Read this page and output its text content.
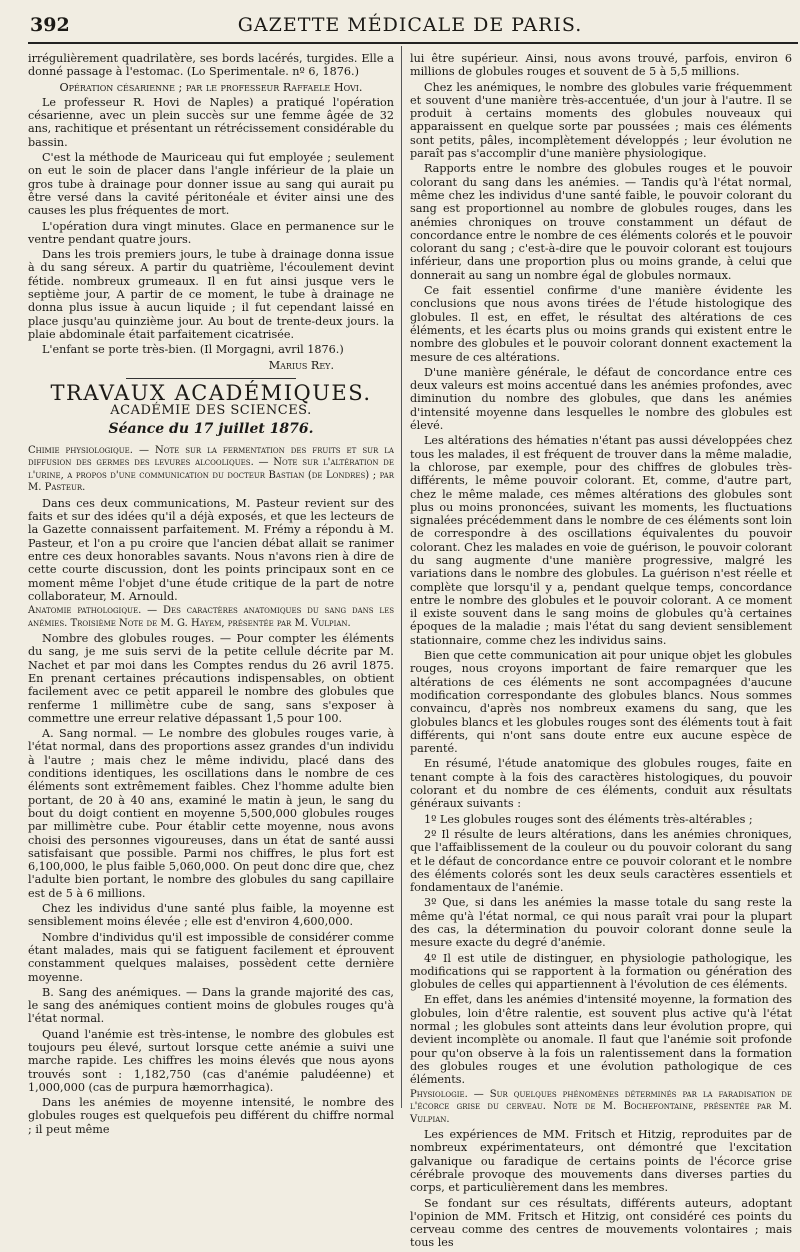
392	GAZETTE MÉDICALE DE PARIS.

irrégulièrement quadrilatère, ses bords lacérés, turgides. Elle a donné passage à l'estomac. (Lo Sperimentale. nº 6, 1876.)

Opération césarienne ; par le professeur Raffaele Hovi.

Le professeur R. Hovi de Naples) a pratiqué l'opération césarienne, avec un plein succès sur une femme âgée de 32 ans, rachitique et présentant un rétrécissement considérable du bassin.

C'est la méthode de Mauriceau qui fut employée ; seulement on eut le soin de placer dans l'angle inférieur de la plaie un gros tube à drainage pour donner issue au sang qui aurait pu être versé dans la cavité péritonéale et éviter ainsi une des causes les plus fréquentes de mort.

L'opération dura vingt minutes. Glace en permanence sur le ventre pendant quatre jours.

Dans les trois premiers jours, le tube à drainage donna issue à du sang séreux. A partir du quatrième, l'écoulement devint fétide. nombreux grumeaux. Il en fut ainsi jusque vers le septième jour, A partir de ce moment, le tube à drainage ne donna plus issue à aucun liquide ; il fut cependant laissé en place jusqu'au quinzième jour. Au bout de trente-deux jours. la plaie abdominale était parfaitement cicatrisée.

L'enfant se porte très-bien. (Il Morgagni, avril 1876.)

Marius Rey.

TRAVAUX ACADÉMIQUES.
ACADÉMIE DES SCIENCES.
Séance du 17 juillet 1876.

Chimie physiologique. — Note sur la fermentation des fruits et sur la diffusion des germes des levures alcooliques. — Note sur l'altération de l'urine, a propos d'une communication du docteur Bastian (de Londres) ; par M. Pasteur.

Dans ces deux communications, M. Pasteur revient sur des faits et sur des idées qu'il a déjà exposés, et que les lecteurs de la Gazette connaissent parfaitement. M. Frémy a répondu à M. Pasteur, et l'on a pu croire que l'ancien débat allait se ranimer entre ces deux honorables savants. Nous n'avons rien à dire de cette courte discussion, dont les points principaux sont en ce moment même l'objet d'une étude critique de la part de notre collaborateur, M. Arnould.

Anatomie pathologique. — Des caractères anatomiques du sang dans les anémies. Troisième Note de M. G. Hayem, présentée par M. Vulpian.

Nombre des globules rouges. — Pour compter les éléments du sang, je me suis servi de la petite cellule décrite par M. Nachet et par moi dans les Comptes rendus du 26 avril 1875. En prenant certaines précautions indispensables, on obtient facilement avec ce petit appareil le nombre des globules que renferme 1 millimètre cube de sang, sans s'exposer à commettre une erreur relative dépassant 1,5 pour 100.

A. Sang normal. — Le nombre des globules rouges varie, à l'état normal, dans des proportions assez grandes d'un individu à l'autre ; mais chez le même individu, placé dans des conditions identiques, les oscillations dans le nombre de ces éléments sont extrêmement faibles. Chez l'homme adulte bien portant, de 20 à 40 ans, examiné le matin à jeun, le sang du bout du doigt contient en moyenne 5,500,000 globules rouges par millimètre cube. Pour établir cette moyenne, nous avons choisi des personnes vigoureuses, dans un état de santé aussi satisfaisant que possible. Parmi nos chiffres, le plus fort est 6,100,000, le plus faible 5,060,000. On peut donc dire que, chez l'adulte bien portant, le nombre des globules du sang capillaire est de 5 à 6 millions.

Chez les individus d'une santé plus faible, la moyenne est sensiblement moins élevée ; elle est d'environ 4,600,000.

Nombre d'individus qu'il est impossible de considérer comme étant malades, mais qui se fatiguent facilement et éprouvent constamment quelques malaises, possèdent cette dernière moyenne.

B. Sang des anémiques. — Dans la grande majorité des cas, le sang des anémiques contient moins de globules rouges qu'à l'état normal.

Quand l'anémie est très-intense, le nombre des globules est toujours peu élevé, surtout lorsque cette anémie a suivi une marche rapide. Les chiffres les moins élevés que nous ayons trouvés sont : 1,182,750 (cas d'anémie paludéenne) et 1,000,000 (cas de purpura hæmorrhagica).

Dans les anémies de moyenne intensité, le nombre des globules rouges est quelquefois peu différent du chiffre normal ; il peut même

lui être supérieur. Ainsi, nous avons trouvé, parfois, environ 6 millions de globules rouges et souvent de 5 à 5,5 millions.

Chez les anémiques, le nombre des globules varie fréquemment et souvent d'une manière très-accentuée, d'un jour à l'autre. Il se produit à certains moments des globules nouveaux qui apparaissent en quelque sorte par poussées ; mais ces éléments sont petits, pâles, incomplètement développés ; leur évolution ne paraît pas s'accomplir d'une manière physiologique.

Rapports entre le nombre des globules rouges et le pouvoir colorant du sang dans les anémies. — Tandis qu'à l'état normal, même chez les individus d'une santé faible, le pouvoir colorant du sang est proportionnel au nombre de globules rouges, dans les anémies chroniques on trouve constamment un défaut de concordance entre le nombre de ces éléments colorés et le pouvoir colorant du sang ; c'est-à-dire que le pouvoir colorant est toujours inférieur, dans une proportion plus ou moins grande, à celui que donnerait au sang un nombre égal de globules normaux.

Ce fait essentiel confirme d'une manière évidente les conclusions que nous avons tirées de l'étude histologique des globules. Il est, en effet, le résultat des altérations de ces éléments, et les écarts plus ou moins grands qui existent entre le nombre des globules et le pouvoir colorant donnent exactement la mesure de ces altérations.

D'une manière générale, le défaut de concordance entre ces deux valeurs est moins accentué dans les anémies profondes, avec diminution du nombre des globules, que dans les anémies d'intensité moyenne dans lesquelles le nombre des globules est élevé.

Les altérations des hématies n'étant pas aussi développées chez tous les malades, il est fréquent de trouver dans la même maladie, la chlorose, par exemple, pour des chiffres de globules très-différents, le même pouvoir colorant. Et, comme, d'autre part, chez le même malade, ces mêmes altérations des globules sont plus ou moins prononcées, suivant les moments, les fluctuations signalées précédemment dans le nombre de ces éléments sont loin de correspondre à des oscillations équivalentes du pouvoir colorant. Chez les malades en voie de guérison, le pouvoir colorant du sang augmente d'une manière progressive, malgré les variations dans le nombre des globules. La guérison n'est réelle et complète que lorsqu'il y a, pendant quelque temps, concordance entre le nombre des globules et le pouvoir colorant. A ce moment il existe souvent dans le sang moins de globules qu'à certaines époques de la maladie ; mais l'état du sang devient sensiblement stationnaire, comme chez les individus sains.

Bien que cette communication ait pour unique objet les globules rouges, nous croyons important de faire remarquer que les altérations de ces éléments ne sont accompagnées d'aucune modification correspondante des globules blancs. Nous sommes convaincu, d'après nos nombreux examens du sang, que les globules blancs et les globules rouges sont des éléments tout à fait différents, qui n'ont sans doute entre eux aucune espèce de parenté.

En résumé, l'étude anatomique des globules rouges, faite en tenant compte à la fois des caractères histologiques, du pouvoir colorant et du nombre de ces éléments, conduit aux résultats généraux suivants :

1º Les globules rouges sont des éléments très-altérables ;

2º Il résulte de leurs altérations, dans les anémies chroniques, que l'affaiblissement de la couleur ou du pouvoir colorant du sang et le défaut de concordance entre ce pouvoir colorant et le nombre des éléments colorés sont les deux seuls caractères essentiels et fondamentaux de l'anémie.

3º Que, si dans les anémies la masse totale du sang reste la même qu'à l'état normal, ce qui nous paraît vrai pour la plupart des cas, la détermination du pouvoir colorant donne seule la mesure exacte du degré d'anémie.

4º Il est utile de distinguer, en physiologie pathologique, les modifications qui se rapportent à la formation ou génération des globules de celles qui appartiennent à l'évolution de ces éléments.

En effet, dans les anémies d'intensité moyenne, la formation des globules, loin d'être ralentie, est souvent plus active qu'à l'état normal ; les globules sont atteints dans leur évolution propre, qui devient incomplète ou anomale. Il faut que l'anémie soit profonde pour qu'on observe à la fois un ralentissement dans la formation des globules rouges et une évolution pathologique de ces éléments.

Physiologie. — Sur quelques phénomènes déterminés par la faradisation de l'écorce grise du cerveau. Note de M. Bochefontaine, présentée par M. Vulpian.

Les expériences de MM. Fritsch et Hitzig, reproduites par de nombreux expérimentateurs, ont démontré que l'excitation galvanique ou faradique de certains points de l'écorce grise cérébrale provoque des mouvements dans diverses parties du corps, et particulièrement dans les membres.

Se fondant sur ces résultats, différents auteurs, adoptant l'opinion de MM. Fritsch et Hitzig, ont considéré ces points du cerveau comme des centres de mouvements volontaires ; mais tous les
